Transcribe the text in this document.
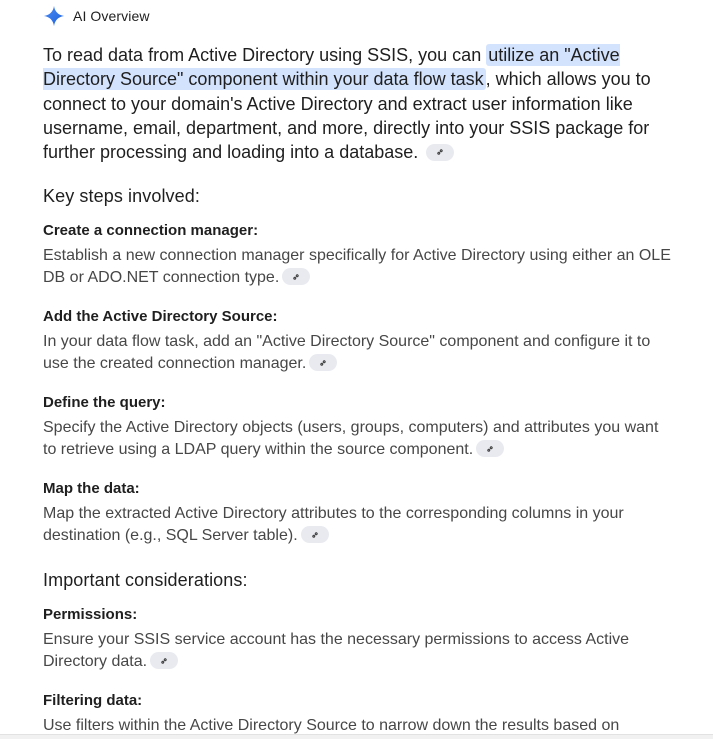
AI Overview
To read data from Active Directory using SSIS, you can utilize an "Active Directory Source" component within your data flow task , which allows you to connect to your domain's Active Directory and extract user information like username, email, department, and more, directly into your SSIS package for further processing and loading into a database.
Key steps involved:
Create a connection manager:
Establish a new connection manager specifically for Active Directory using either an OLE DB or ADO.NET connection type.
Add the Active Directory Source:
In your data flow task, add an "Active Directory Source" component and configure it to use the created connection manager.
Define the query:
Specify the Active Directory objects (users, groups, computers) and attributes you want to retrieve using a LDAP query within the source component.
Map the data:
Map the extracted Active Directory attributes to the corresponding columns in your destination (e.g., SQL Server table).
Important considerations:
Permissions:
Ensure your SSIS service account has the necessary permissions to access Active Directory data.
Filtering data:
Use filters within the Active Directory Source to narrow down the results based on
